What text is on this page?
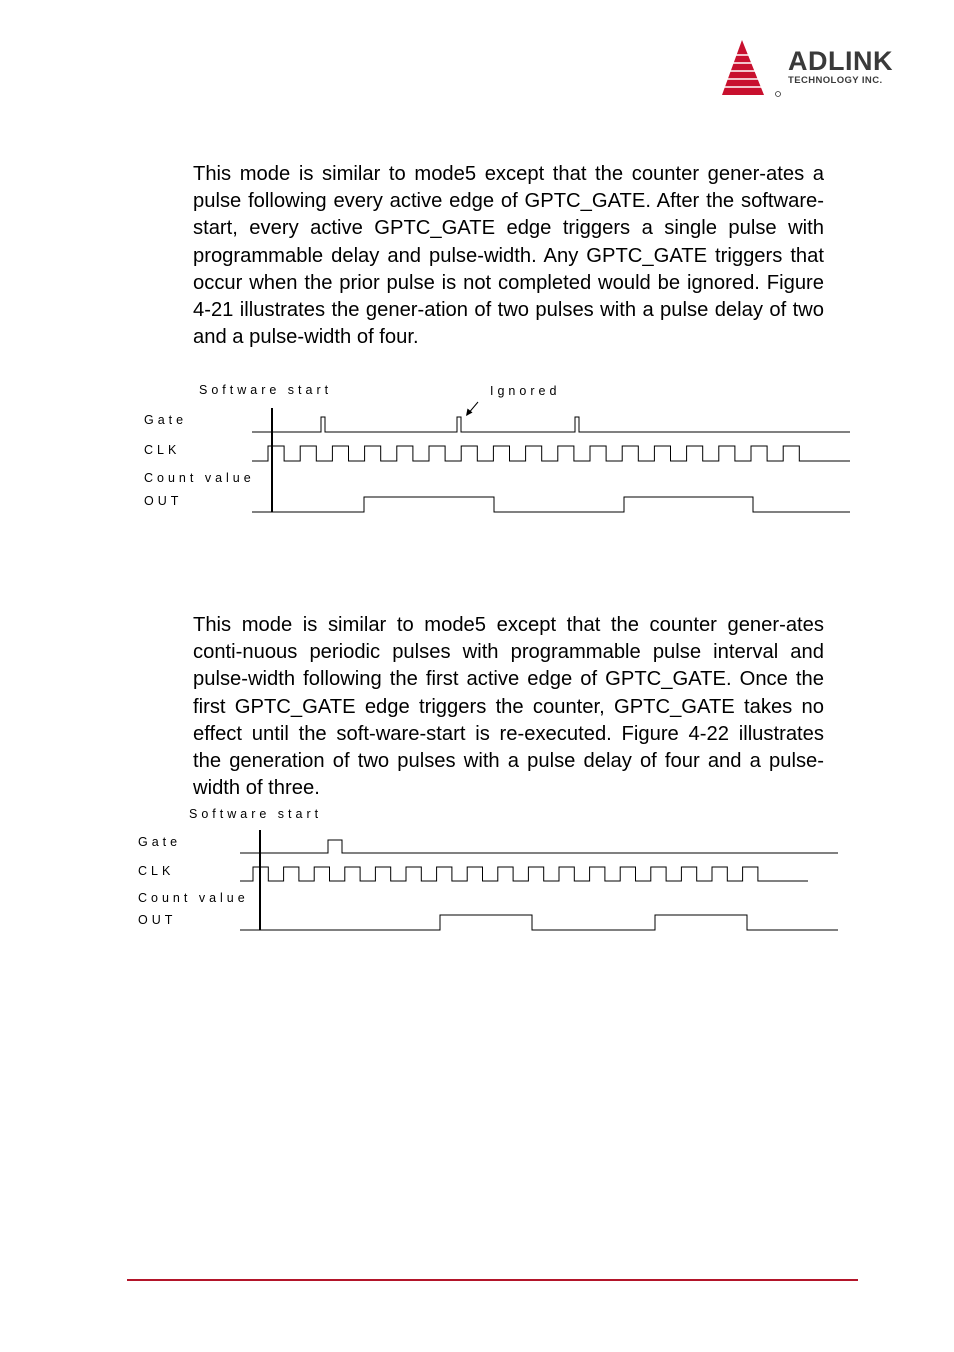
ADLINK
TECHNOLOGY INC.

This mode is similar to mode5 except that the counter gener-ates a pulse following every active edge of GPTC_GATE. After the software-start, every active GPTC_GATE edge triggers a single pulse with programmable delay and pulse-width. Any GPTC_GATE triggers that occur when the prior pulse is not completed would be ignored. Figure 4-21 illustrates the gener-ation of two pulses with a pulse delay of two and a pulse-width of four.

Software start	Ignored
Gate
CLK
Count value
OUT

This mode is similar to mode5 except that the counter gener-ates conti-nuous periodic pulses with programmable pulse interval and pulse-width following the first active edge of GPTC_GATE. Once the first GPTC_GATE edge triggers the counter, GPTC_GATE takes no effect until the soft-ware-start is re-executed. Figure 4-22 illustrates the generation of two pulses with a pulse delay of four and a pulse-width of three.

Software start
Gate
CLK
Count value
OUT
